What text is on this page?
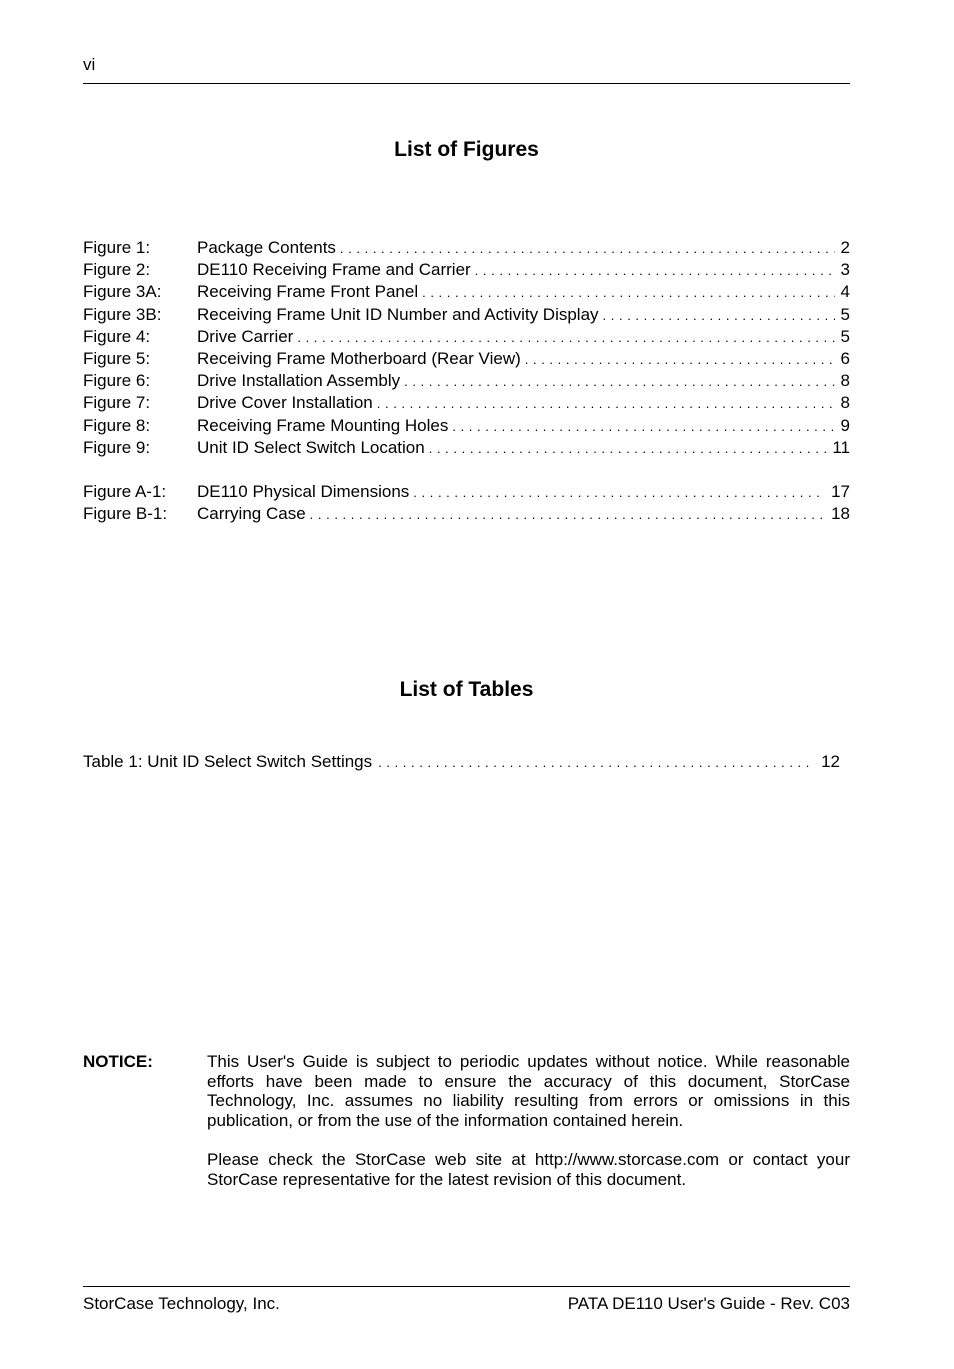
vi
List of Figures
Figure 1:	Package Contents . . .	2
Figure 2:	DE110 Receiving Frame and Carrier . . .	3
Figure 3A:	Receiving Frame Front Panel . . .	4
Figure 3B:	Receiving Frame Unit ID Number and Activity Display . . .	5
Figure 4:	Drive Carrier . . .	5
Figure 5:	Receiving Frame Motherboard (Rear View) . . .	6
Figure 6:	Drive Installation Assembly . . .	8
Figure 7:	Drive Cover Installation . . .	8
Figure 8:	Receiving Frame Mounting Holes . . .	9
Figure 9:	Unit ID Select Switch Location . . .	11
Figure A-1:	DE110 Physical Dimensions . . .	17
Figure B-1:	Carrying Case . . .	18
List of Tables
Table 1: Unit ID Select Switch Settings . . .	12
NOTICE:	This User's Guide is subject to periodic updates without notice. While reasonable efforts have been made to ensure the accuracy of this document, StorCase Technology, Inc. assumes no liability resulting from errors or omissions in this publication, or from the use of the information contained herein.

Please check the StorCase web site at http://www.storcase.com or contact your StorCase representative for the latest revision of this document.

StorCase Technology, Inc.	PATA DE110 User's Guide - Rev. C03
